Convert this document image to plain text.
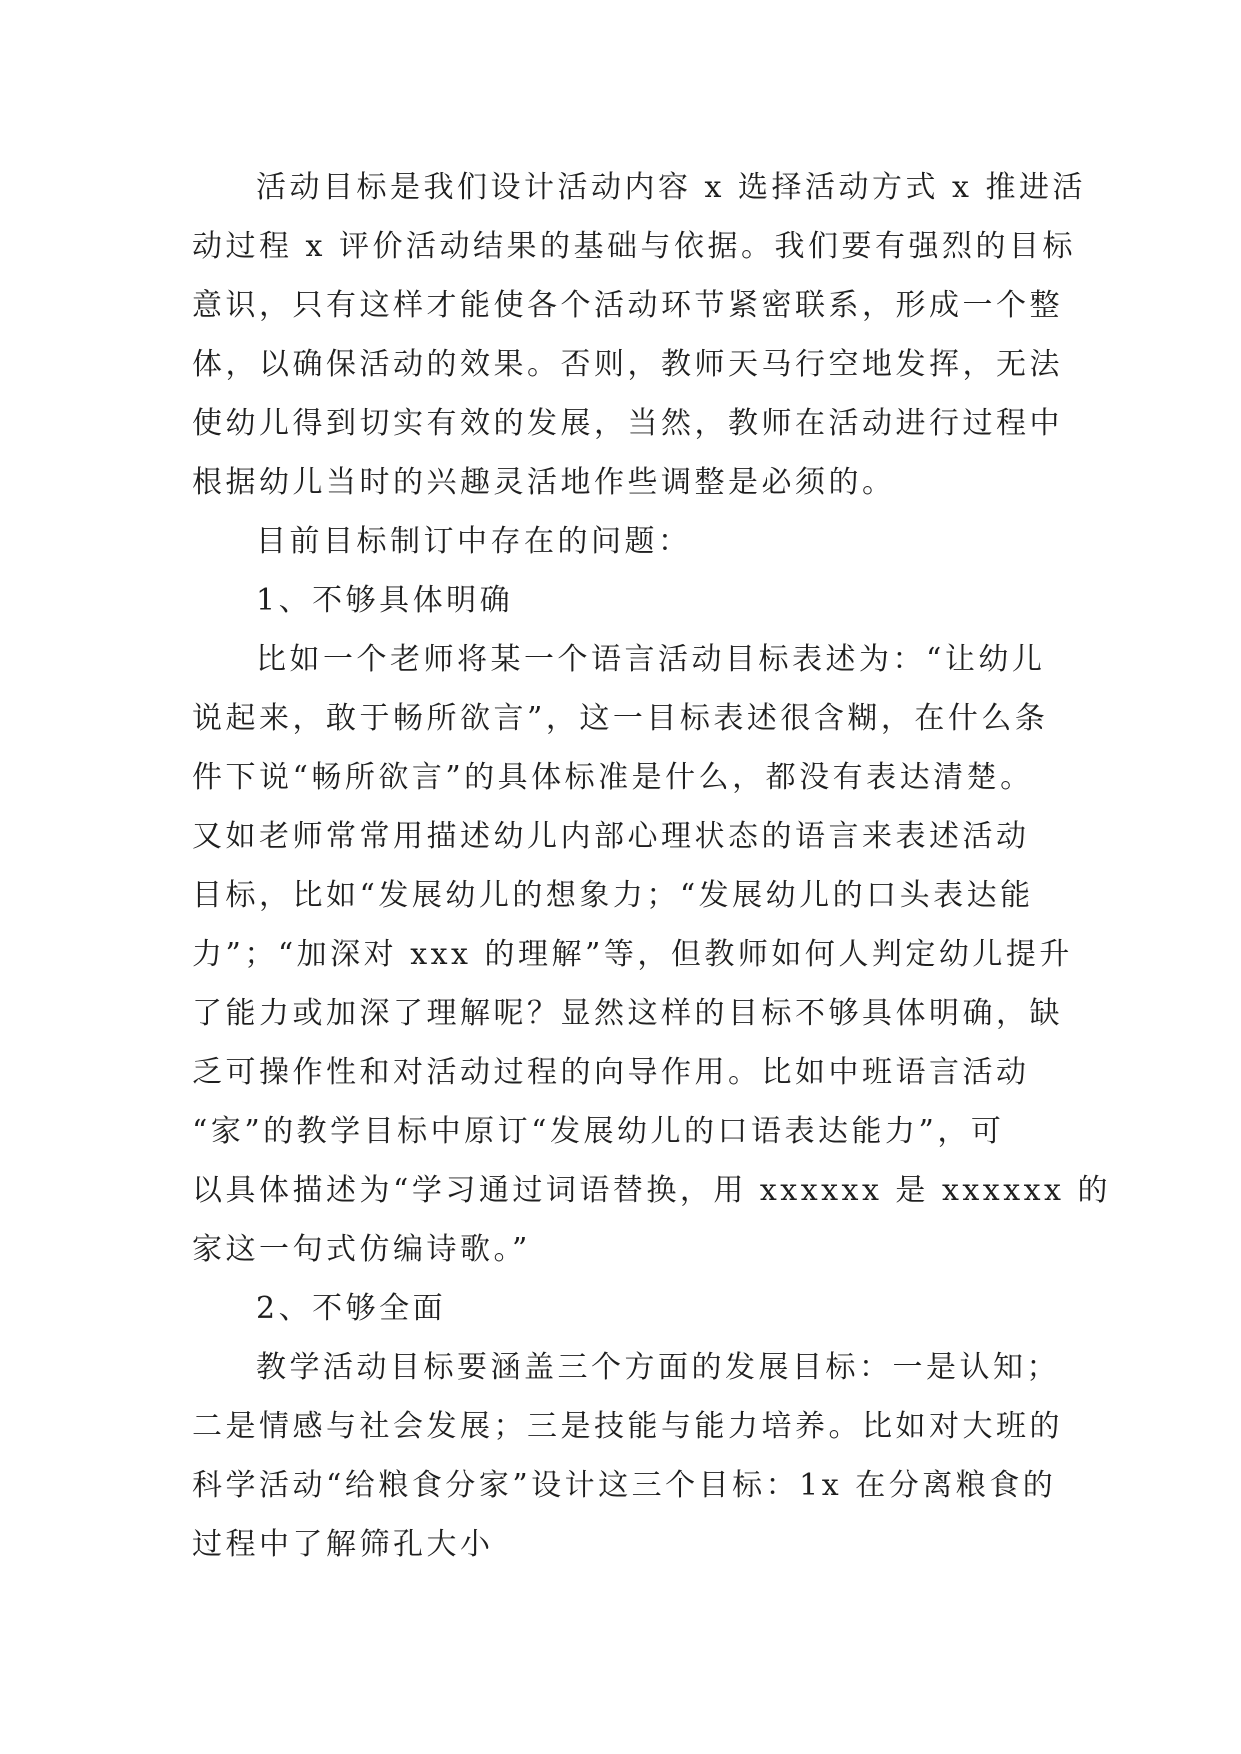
活动目标是我们设计活动内容 x 选择活动方式 x 推进活

动过程 x 评价活动结果的基础与依据。我们要有强烈的目标

意识，只有这样才能使各个活动环节紧密联系，形成一个整

体，以确保活动的效果。否则，教师天马行空地发挥，无法

使幼儿得到切实有效的发展，当然，教师在活动进行过程中

根据幼儿当时的兴趣灵活地作些调整是必须的。

目前目标制订中存在的问题：

1、不够具体明确

比如一个老师将某一个语言活动目标表述为：“让幼儿

说起来，敢于畅所欲言”，这一目标表述很含糊，在什么条

件下说“畅所欲言”的具体标准是什么，都没有表达清楚。

又如老师常常用描述幼儿内部心理状态的语言来表述活动

目标，比如“发展幼儿的想象力；“发展幼儿的口头表达能

力”；“加深对 xxx 的理解”等，但教师如何人判定幼儿提升

了能力或加深了理解呢？显然这样的目标不够具体明确，缺

乏可操作性和对活动过程的向导作用。比如中班语言活动

“家”的教学目标中原订“发展幼儿的口语表达能力”，可

以具体描述为“学习通过词语替换，用 xxxxxx 是 xxxxxx 的

家这一句式仿编诗歌。”

2、不够全面

教学活动目标要涵盖三个方面的发展目标：一是认知；

二是情感与社会发展；三是技能与能力培养。比如对大班的

科学活动“给粮食分家”设计这三个目标：1x 在分离粮食的

过程中了解筛孔大小
